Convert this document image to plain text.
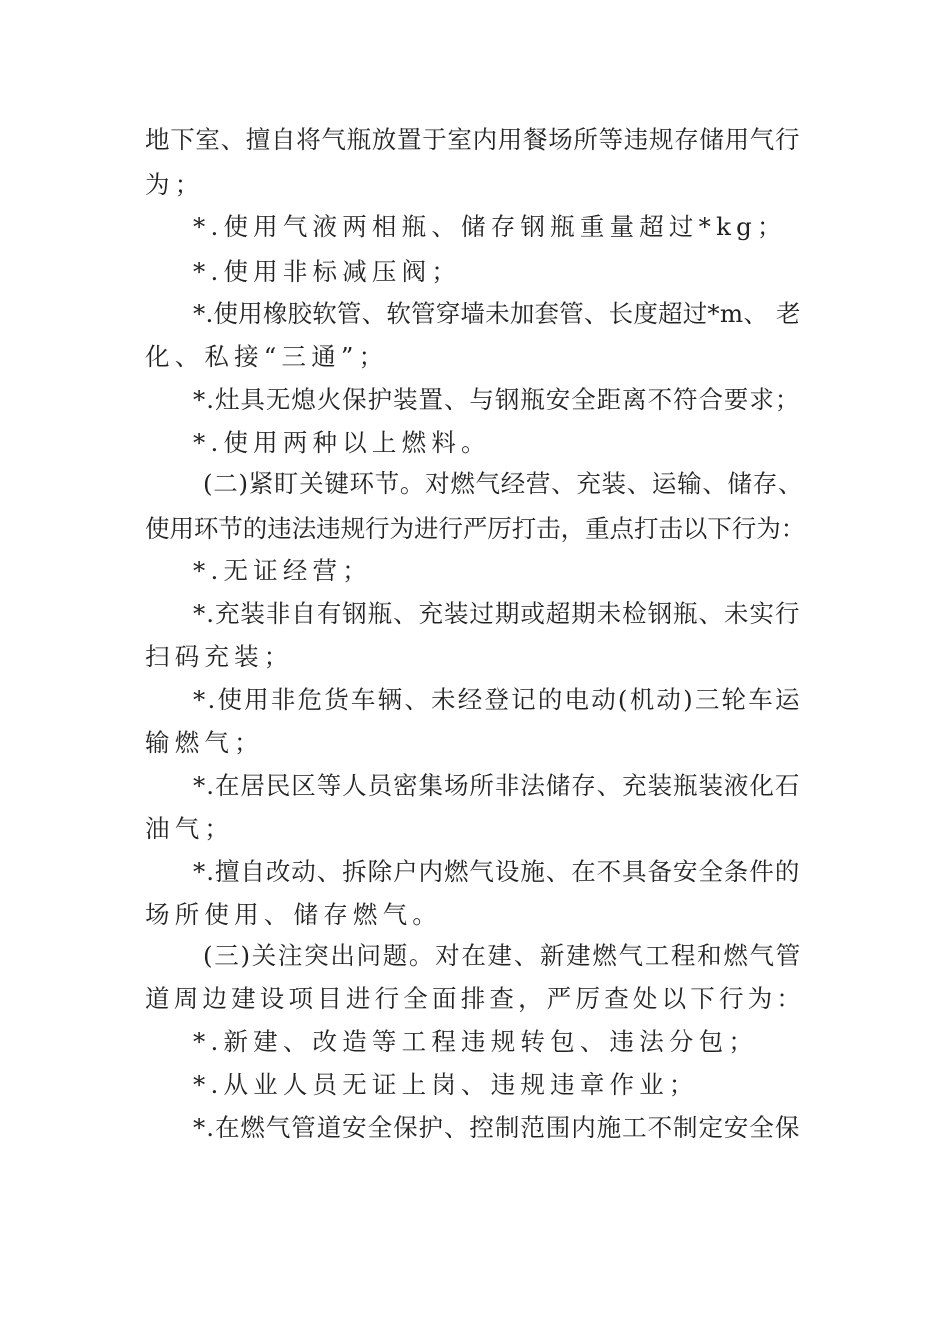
地下室、擅自将气瓶放置于室内用餐场所等违规存储用气行
为；
*.使用气液两相瓶、储存钢瓶重量超过*kg；
*.使用非标减压阀；
*.使用橡胶软管、软管穿墙未加套管、长度超过*m、 老
化、私接“三通”；
*.灶具无熄火保护装置、与钢瓶安全距离不符合要求；
*.使用两种以上燃料。
(二)紧盯关键环节。对燃气经营、充装、运输、储存、
使用环节的违法违规行为进行严厉打击，重点打击以下行为：
*.无证经营；
*.充装非自有钢瓶、充装过期或超期未检钢瓶、未实行
扫码充装；
*.使用非危货车辆、未经登记的电动(机动)三轮车运
输燃气；
*.在居民区等人员密集场所非法储存、充装瓶装液化石
油气；
*.擅自改动、拆除户内燃气设施、在不具备安全条件的
场所使用、储存燃气。
(三)关注突出问题。对在建、新建燃气工程和燃气管
道周边建设项目进行全面排查，严厉查处以下行为：
*.新建、改造等工程违规转包、违法分包；
*.从业人员无证上岗、违规违章作业；
*.在燃气管道安全保护、控制范围内施工不制定安全保
